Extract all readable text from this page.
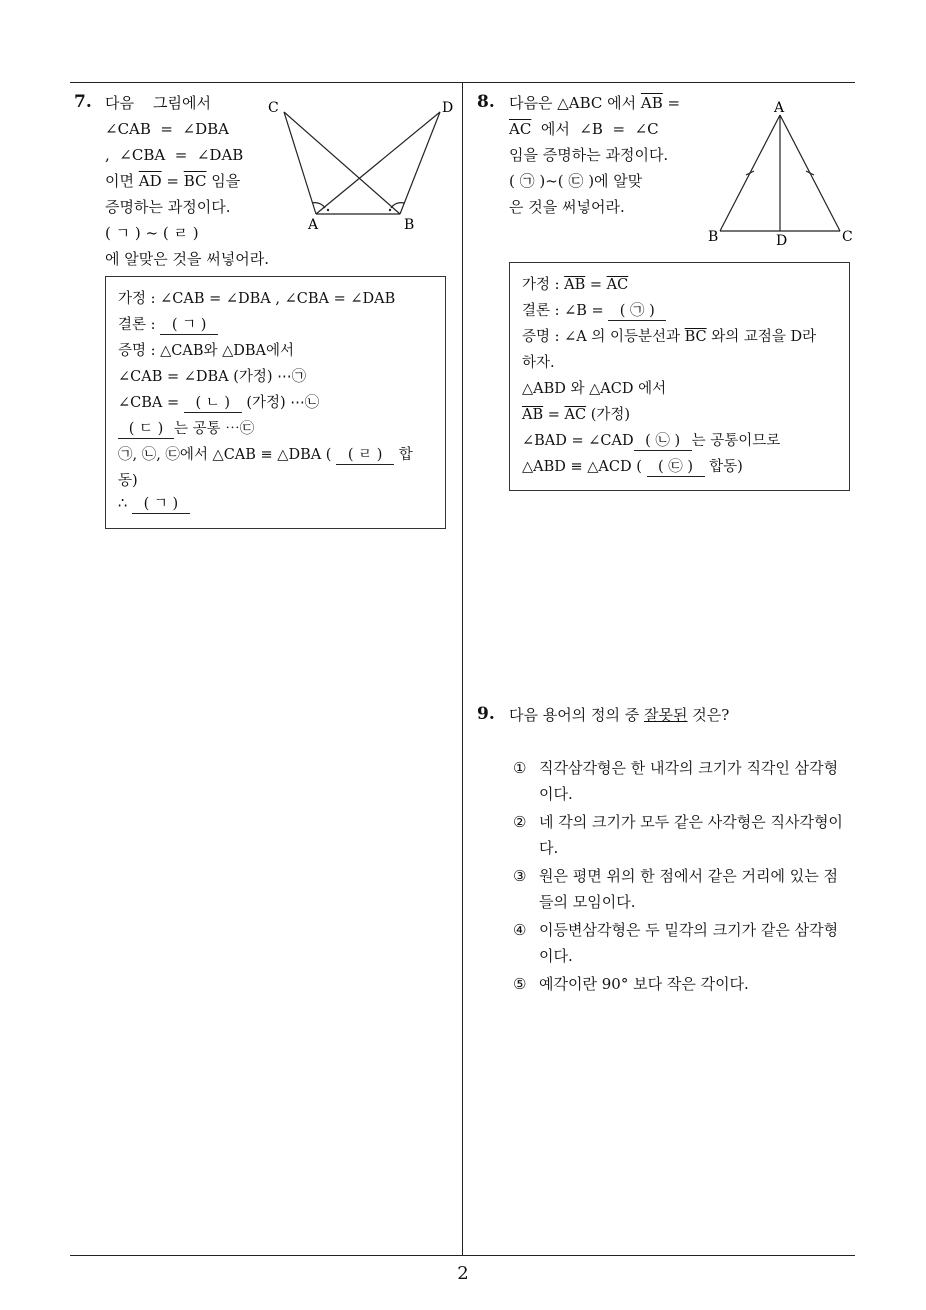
7. 다음    그림에서
∠CAB  =  ∠DBA
,  ∠CBA  =  ∠DAB
이면 $\overline{AD} = \overline{BC}$ 임을
증명하는 과정이다.
( ㄱ ) ~ ( ㄹ )
에 알맞은 것을 써넣어라.
C	D
A	B
가정 : ∠CAB = ∠DBA , ∠CBA = ∠DAB
결론 : ( ㄱ )
증명 : △CAB와 △DBA에서
∠CAB = ∠DBA (가정) ⋯㉠
∠CBA = ( ㄴ ) (가정) ⋯㉡
( ㄷ ) 는 공통 ⋯㉢
㉠, ㉡, ㉢에서 △CAB ≡ △DBA ( ( ㄹ ) 합
동)
∴ ( ㄱ )
8. 다음은 △ABC 에서 $\overline{AB}$ =
$\overline{AC}$  에서  ∠B  =  ∠C
임을 증명하는 과정이다.
( ㉠ )~( ㉢ )에 알맞
은 것을 써넣어라.
A
B	C
D
가정 : $\overline{AB} = \overline{AC}$
결론 : ∠B = ( ㉠ )
증명 : ∠A 의 이등분선과 $\overline{BC}$ 와의 교점을 D라
하자.
△ABD 와 △ACD 에서
$\overline{AB} = \overline{AC}$ (가정)
∠BAD = ∠CAD ( ㉡ ) 는 공통이므로
△ABD ≡ △ACD ( ( ㉢ ) 합동)
9. 다음 용어의 정의 중 잘못된 것은?
① 직각삼각형은 한 내각의 크기가 직각인 삼각형
이다.
② 네 각의 크기가 모두 같은 사각형은 직사각형이
다.
③ 원은 평면 위의 한 점에서 같은 거리에 있는 점
들의 모임이다.
④ 이등변삼각형은 두 밑각의 크기가 같은 삼각형
이다.
⑤ 예각이란 90° 보다 작은 각이다.
2
